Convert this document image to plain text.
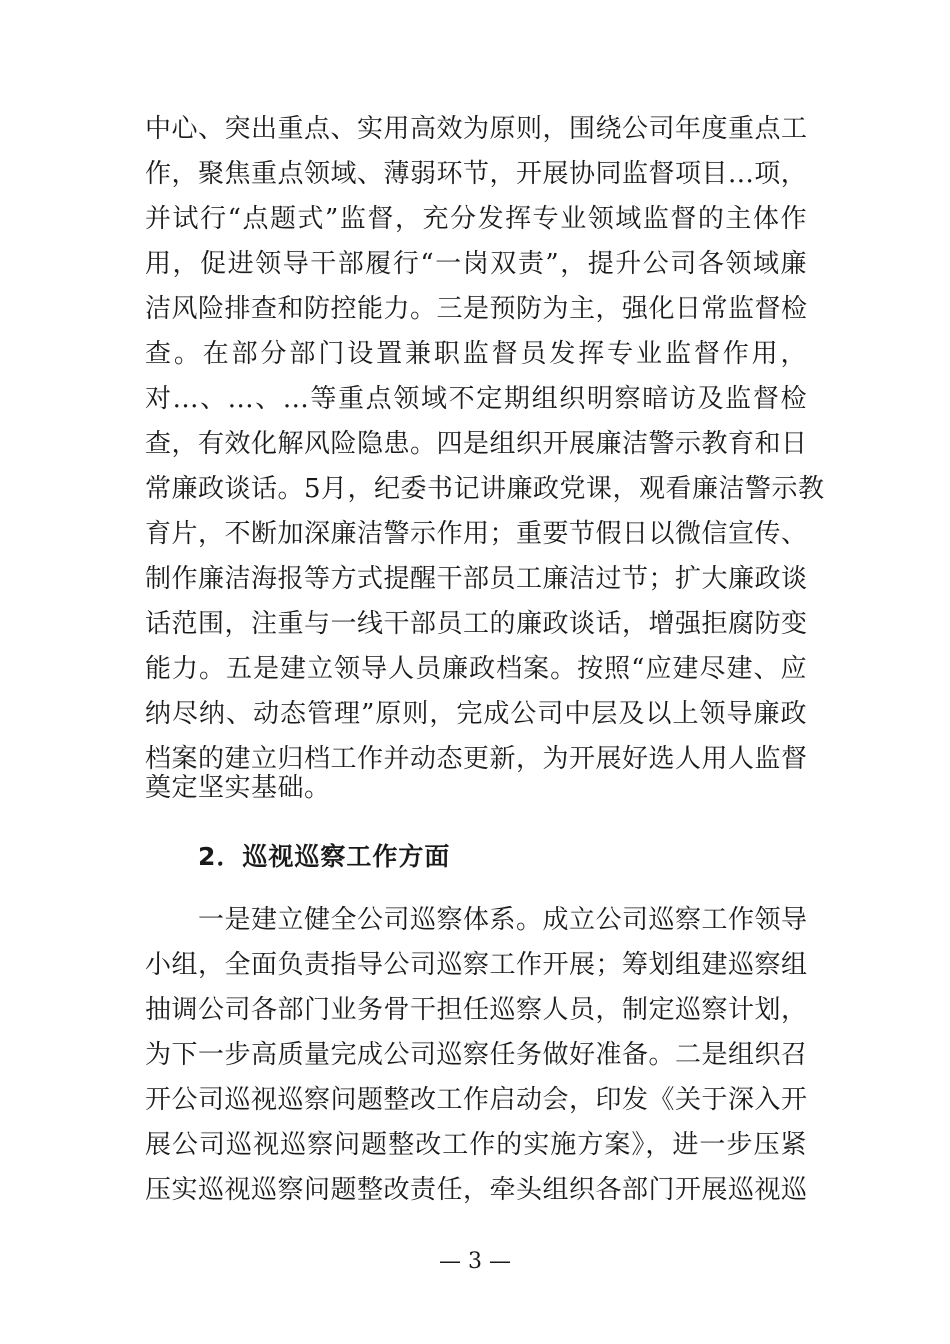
中心、突出重点、实用高效为原则，围绕公司年度重点工
作，聚焦重点领域、薄弱环节，开展协同监督项目...项，
并试行“点题式”监督，充分发挥专业领域监督的主体作
用，促进领导干部履行“一岗双责”，提升公司各领域廉
洁风险排查和防控能力。三是预防为主，强化日常监督检
查。在部分部门设置兼职监督员发挥专业监督作用，
对...、...、...等重点领域不定期组织明察暗访及监督检
查，有效化解风险隐患。四是组织开展廉洁警示教育和日
常廉政谈话。5月，纪委书记讲廉政党课，观看廉洁警示教
育片，不断加深廉洁警示作用；重要节假日以微信宣传、
制作廉洁海报等方式提醒干部员工廉洁过节；扩大廉政谈
话范围，注重与一线干部员工的廉政谈话，增强拒腐防变
能力。五是建立领导人员廉政档案。按照“应建尽建、应
纳尽纳、动态管理”原则，完成公司中层及以上领导廉政
档案的建立归档工作并动态更新，为开展好选人用人监督
奠定坚实基础。
2．巡视巡察工作方面
　　一是建立健全公司巡察体系。成立公司巡察工作领导
小组，全面负责指导公司巡察工作开展；筹划组建巡察组
抽调公司各部门业务骨干担任巡察人员，制定巡察计划，
为下一步高质量完成公司巡察任务做好准备。二是组织召
开公司巡视巡察问题整改工作启动会，印发《关于深入开
展公司巡视巡察问题整改工作的实施方案》，进一步压紧
压实巡视巡察问题整改责任，牵头组织各部门开展巡视巡
— 3 —
